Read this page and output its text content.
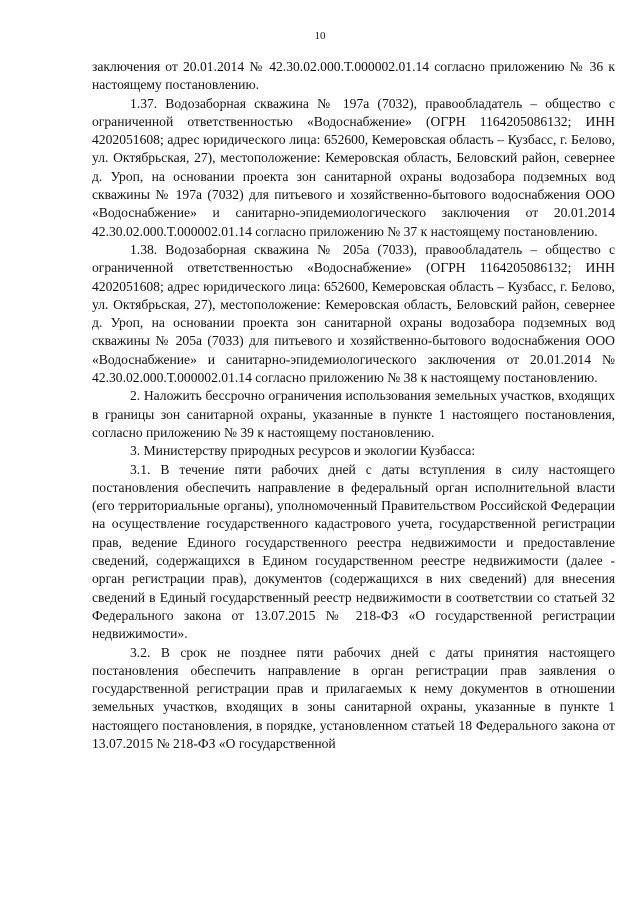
10

заключения от 20.01.2014 № 42.30.02.000.Т.000002.01.14 согласно приложению № 36 к настоящему постановлению.

1.37. Водозаборная скважина № 197а (7032), правообладатель – общество с ограниченной ответственностью «Водоснабжение» (ОГРН 1164205086132; ИНН 4202051608; адрес юридического лица: 652600, Кемеровская область – Кузбасс, г. Белово, ул. Октябрьская, 27), местоположение: Кемеровская область, Беловский район, севернее д. Уроп, на основании проекта зон санитарной охраны водозабора подземных вод скважины № 197а (7032) для питьевого и хозяйственно-бытового водоснабжения ООО «Водоснабжение» и санитарно-эпидемиологического заключения от 20.01.2014 42.30.02.000.Т.000002.01.14 согласно приложению № 37 к настоящему постановлению.

1.38. Водозаборная скважина № 205а (7033), правообладатель – общество с ограниченной ответственностью «Водоснабжение» (ОГРН 1164205086132; ИНН 4202051608; адрес юридического лица: 652600, Кемеровская область – Кузбасс, г. Белово, ул. Октябрьская, 27), местоположение: Кемеровская область, Беловский район, севернее д. Уроп, на основании проекта зон санитарной охраны водозабора подземных вод скважины № 205а (7033) для питьевого и хозяйственно-бытового водоснабжения ООО «Водоснабжение» и санитарно-эпидемиологического заключения от 20.01.2014 № 42.30.02.000.Т.000002.01.14 согласно приложению № 38 к настоящему постановлению.

2. Наложить бессрочно ограничения использования земельных участков, входящих в границы зон санитарной охраны, указанные в пункте 1 настоящего постановления, согласно приложению № 39 к настоящему постановлению.

3. Министерству природных ресурсов и экологии Кузбасса:

3.1. В течение пяти рабочих дней с даты вступления в силу настоящего постановления обеспечить направление в федеральный орган исполнительной власти (его территориальные органы), уполномоченный Правительством Российской Федерации на осуществление государственного кадастрового учета, государственной регистрации прав, ведение Единого государственного реестра недвижимости и предоставление сведений, содержащихся в Едином государственном реестре недвижимости (далее - орган регистрации прав), документов (содержащихся в них сведений) для внесения сведений в Единый государственный реестр недвижимости в соответствии со статьей 32 Федерального закона от 13.07.2015 № 218-ФЗ «О государственной регистрации недвижимости».

3.2. В срок не позднее пяти рабочих дней с даты принятия настоящего постановления обеспечить направление в орган регистрации прав заявления о государственной регистрации прав и прилагаемых к нему документов в отношении земельных участков, входящих в зоны санитарной охраны, указанные в пункте 1 настоящего постановления, в порядке, установленном статьей 18 Федерального закона от 13.07.2015 № 218-ФЗ «О государственной
